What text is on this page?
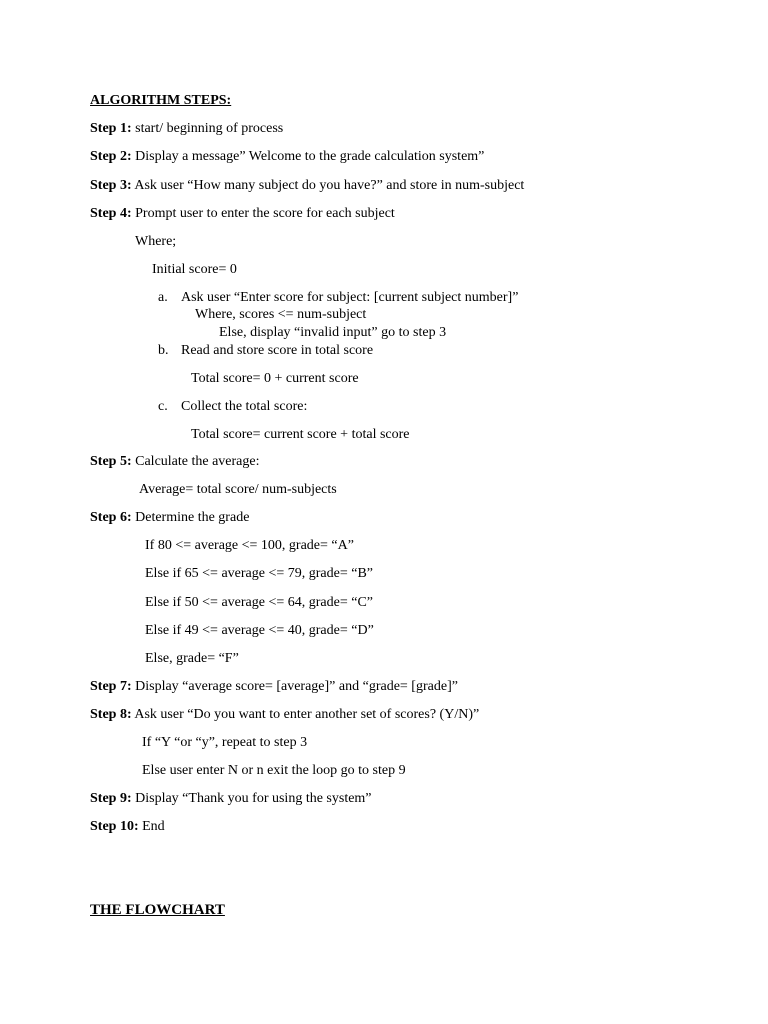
ALGORITHM STEPS:
Step 1: start/ beginning of process
Step 2: Display a message” Welcome to the grade calculation system”
Step 3: Ask user “How many subject do you have?” and store in num-subject
Step 4: Prompt user to enter the score for each subject
Where;
Initial score= 0
a. Ask user “Enter score for subject: [current subject number]”
Where, scores <= num-subject
Else, display “invalid input” go to step 3
b. Read and store score in total score
Total score= 0 + current score
c. Collect the total score:
Total score= current score + total score
Step 5: Calculate the average:
Average= total score/ num-subjects
Step 6: Determine the grade
If 80 <= average <= 100, grade= “A”
Else if 65 <= average <= 79, grade= “B”
Else if 50 <= average <= 64, grade= “C”
Else if 49 <= average <= 40, grade= “D”
Else, grade= “F”
Step 7: Display “average score= [average]” and “grade= [grade]”
Step 8: Ask user “Do you want to enter another set of scores? (Y/N)”
If “Y “or “y”, repeat to step 3
Else user enter N or n exit the loop go to step 9
Step 9: Display “Thank you for using the system”
Step 10: End
THE FLOWCHART
